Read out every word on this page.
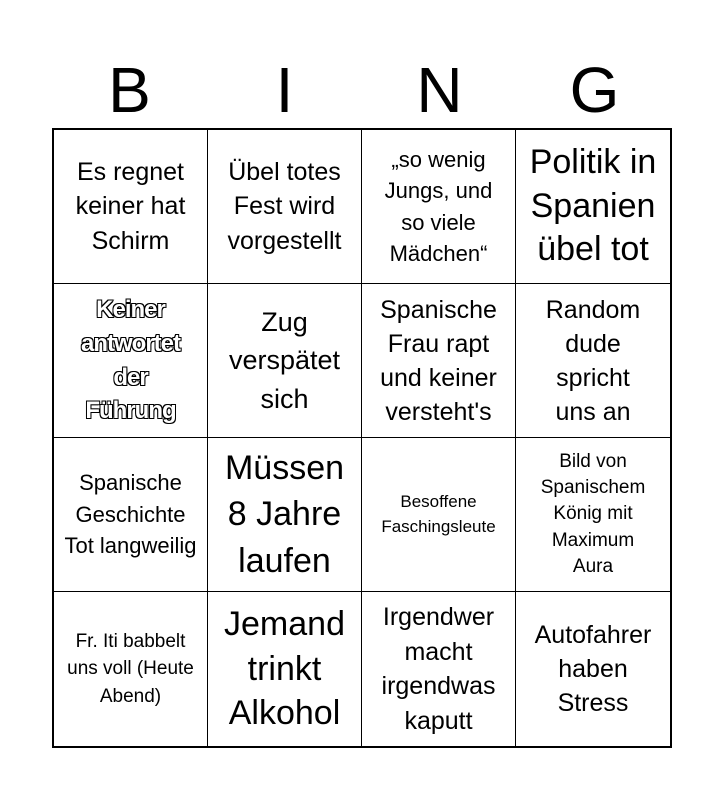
B	I	N	G
Es regnet keiner hat Schirm
Übel totes Fest wird vorgestellt
„so wenig Jungs, und so viele Mädchen“
Politik in Spanien übel tot
Keiner antwortet der Führung
Zug verspätet sich
Spanische Frau rapt und keiner versteht's
Random dude spricht uns an
Spanische Geschichte Tot langweilig
Müssen 8 Jahre laufen
Besoffene Faschingsleute
Bild von Spanischem König mit Maximum Aura
Fr. Iti babbelt uns voll (Heute Abend)
Jemand trinkt Alkohol
Irgendwer macht irgendwas kaputt
Autofahrer haben Stress
